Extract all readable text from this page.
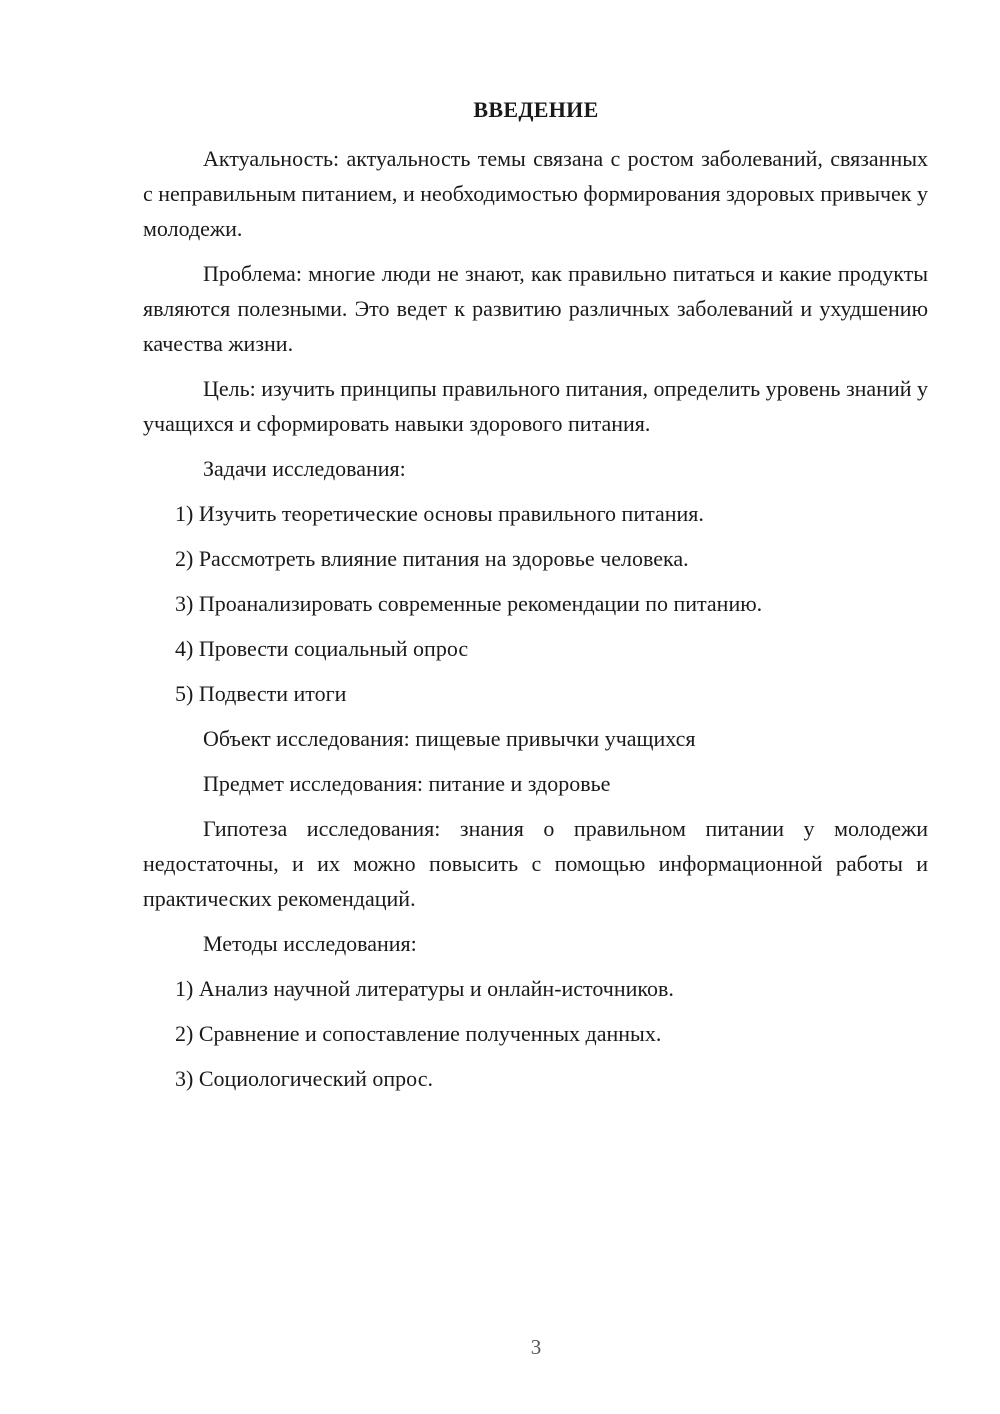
ВВЕДЕНИЕ

Актуальность: актуальность темы связана с ростом заболеваний, связанных с неправильным питанием, и необходимостью формирования здоровых привычек у молодежи.

Проблема: многие люди не знают, как правильно питаться и какие продукты являются полезными. Это ведет к развитию различных заболеваний и ухудшению качества жизни.

Цель: изучить принципы правильного питания, определить уровень знаний у учащихся и сформировать навыки здорового питания.

Задачи исследования:
1) Изучить теоретические основы правильного питания.
2) Рассмотреть влияние питания на здоровье человека.
3) Проанализировать современные рекомендации по питанию.
4) Провести социальный опрос
5) Подвести итоги
Объект исследования: пищевые привычки учащихся
Предмет исследования: питание и здоровье

Гипотеза исследования: знания о правильном питании у молодежи недостаточны, и их можно повысить с помощью информационной работы и практических рекомендаций.

Методы исследования:
1) Анализ научной литературы и онлайн-источников.
2) Сравнение и сопоставление полученных данных.
3) Социологический опрос.
3
